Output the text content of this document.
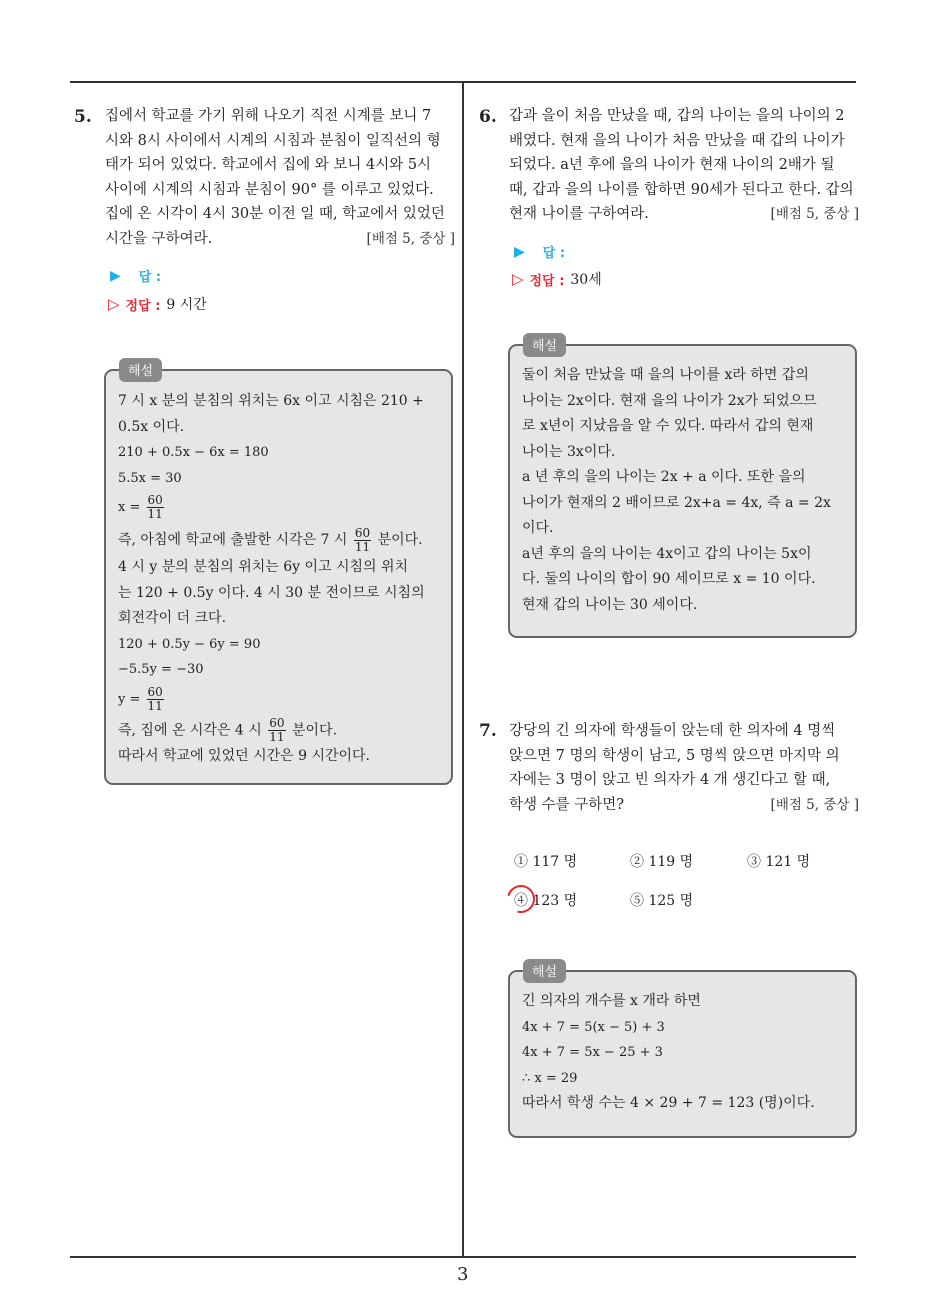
5. 집에서 학교를 가기 위해 나오기 직전 시계를 보니 7
시와 8시 사이에서 시계의 시침과 분침이 일직선의 형
태가 되어 있었다. 학교에서 집에 와 보니 4시와 5시
사이에 시계의 시침과 분침이 90° 를 이루고 있었다.
집에 온 시각이 4시 30분 이전 일 때, 학교에서 있었던
시간을 구하여라.	[배점 5, 중상 ]
▶ 답 :
▷ 정답 : 9 시간
해설
7 시 x 분의 분침의 위치는 6x 이고 시침은 210 +
0.5x 이다.
210 + 0.5x − 6x = 180
5.5x = 30
$x = \frac{60}{11}$
즉, 아침에 학교에 출발한 시각은 7 시 $\frac{60}{11}$ 분이다.
4 시 y 분의 분침의 위치는 6y 이고 시침의 위치
는 120 + 0.5y 이다. 4 시 30 분 전이므로 시침의
회전각이 더 크다.
120 + 0.5y − 6y = 90
−5.5y = −30
$y = \frac{60}{11}$
즉, 집에 온 시각은 4 시 $\frac{60}{11}$ 분이다.
따라서 학교에 있었던 시간은 9 시간이다.
6. 갑과 을이 처음 만났을 때, 갑의 나이는 을의 나이의 2
배였다. 현재 을의 나이가 처음 만났을 때 갑의 나이가
되었다. a년 후에 을의 나이가 현재 나이의 2배가 될
때, 갑과 을의 나이를 합하면 90세가 된다고 한다. 갑의
현재 나이를 구하여라.	[배점 5, 중상 ]
▶ 답 :
▷ 정답 : 30세
해설
둘이 처음 만났을 때 을의 나이를 x라 하면 갑의
나이는 2x이다. 현재 을의 나이가 2x가 되었으므
로 x년이 지났음을 알 수 있다. 따라서 갑의 현재
나이는 3x이다.
a 년 후의 을의 나이는 2x + a 이다. 또한 을의
나이가 현재의 2 배이므로 2x+a = 4x, 즉 a = 2x
이다.
a년 후의 을의 나이는 4x이고 갑의 나이는 5x이
다. 둘의 나이의 합이 90 세이므로 x = 10 이다.
현재 갑의 나이는 30 세이다.
7. 강당의 긴 의자에 학생들이 앉는데 한 의자에 4 명씩
앉으면 7 명의 학생이 남고, 5 명씩 앉으면 마지막 의
자에는 3 명이 앉고 빈 의자가 4 개 생긴다고 할 때,
학생 수를 구하면?	[배점 5, 중상 ]
① 117 명	② 119 명	③ 121 명
④ 123 명	⑤ 125 명
해설
긴 의자의 개수를 x 개라 하면
4x + 7 = 5(x − 5) + 3
4x + 7 = 5x − 25 + 3
∴ x = 29
따라서 학생 수는 4 × 29 + 7 = 123 (명)이다.
3
